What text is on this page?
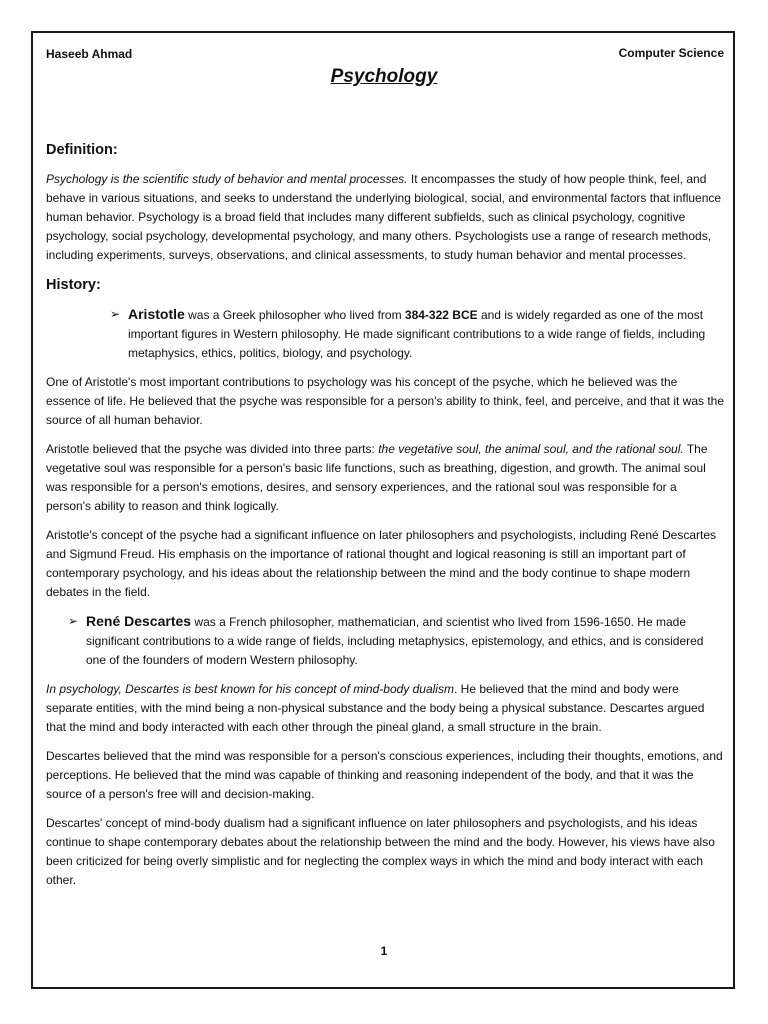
Haseeb Ahmad	Computer Science
Psychology
Definition:

Psychology is the scientific study of behavior and mental processes. It encompasses the study of how people think, feel, and behave in various situations, and seeks to understand the underlying biological, social, and environmental factors that influence human behavior. Psychology is a broad field that includes many different subfields, such as clinical psychology, cognitive psychology, social psychology, developmental psychology, and many others. Psychologists use a range of research methods, including experiments, surveys, observations, and clinical assessments, to study human behavior and mental processes.

History:
➢ Aristotle was a Greek philosopher who lived from 384-322 BCE and is widely regarded as one of the most important figures in Western philosophy. He made significant contributions to a wide range of fields, including metaphysics, ethics, politics, biology, and psychology.

One of Aristotle's most important contributions to psychology was his concept of the psyche, which he believed was the essence of life. He believed that the psyche was responsible for a person's ability to think, feel, and perceive, and that it was the source of all human behavior.

Aristotle believed that the psyche was divided into three parts: the vegetative soul, the animal soul, and the rational soul. The vegetative soul was responsible for a person's basic life functions, such as breathing, digestion, and growth. The animal soul was responsible for a person's emotions, desires, and sensory experiences, and the rational soul was responsible for a person's ability to reason and think logically.

Aristotle's concept of the psyche had a significant influence on later philosophers and psychologists, including René Descartes and Sigmund Freud. His emphasis on the importance of rational thought and logical reasoning is still an important part of contemporary psychology, and his ideas about the relationship between the mind and the body continue to shape modern debates in the field.

➢ René Descartes was a French philosopher, mathematician, and scientist who lived from 1596-1650. He made significant contributions to a wide range of fields, including metaphysics, epistemology, and ethics, and is considered one of the founders of modern Western philosophy.

In psychology, Descartes is best known for his concept of mind-body dualism. He believed that the mind and body were separate entities, with the mind being a non-physical substance and the body being a physical substance. Descartes argued that the mind and body interacted with each other through the pineal gland, a small structure in the brain.

Descartes believed that the mind was responsible for a person's conscious experiences, including their thoughts, emotions, and perceptions. He believed that the mind was capable of thinking and reasoning independent of the body, and that it was the source of a person's free will and decision-making.

Descartes' concept of mind-body dualism had a significant influence on later philosophers and psychologists, and his ideas continue to shape contemporary debates about the relationship between the mind and the body. However, his views have also been criticized for being overly simplistic and for neglecting the complex ways in which the mind and body interact with each other.

1
